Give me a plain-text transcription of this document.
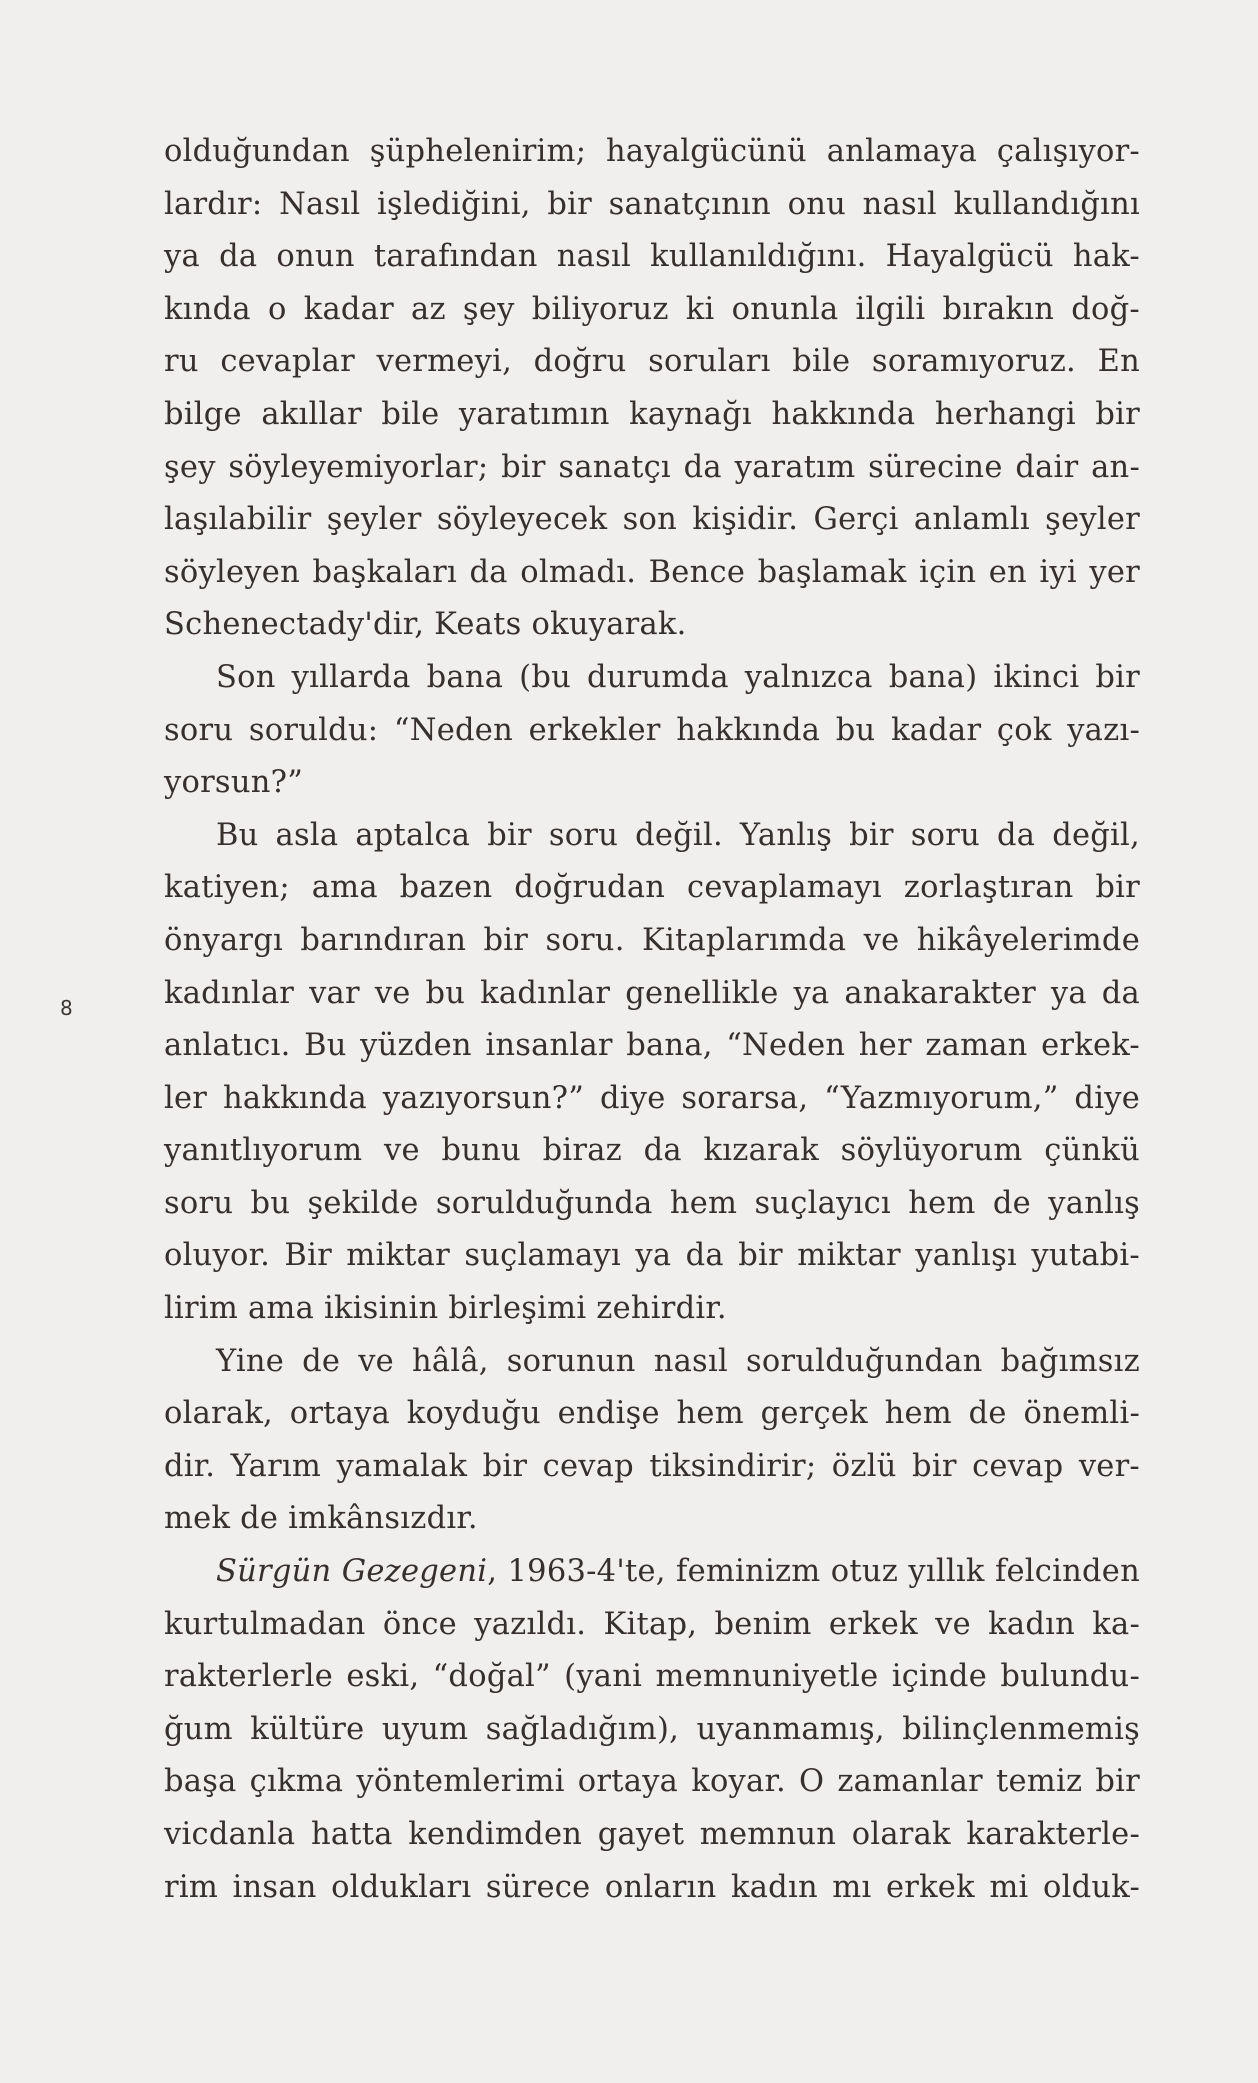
8
olduğundan şüphelenirim; hayalgücünü anlamaya çalışıyor-
lardır: Nasıl işlediğini, bir sanatçının onu nasıl kullandığını
ya da onun tarafından nasıl kullanıldığını. Hayalgücü hak-
kında o kadar az şey biliyoruz ki onunla ilgili bırakın doğ-
ru cevaplar vermeyi, doğru soruları bile soramıyoruz. En
bilge akıllar bile yaratımın kaynağı hakkında herhangi bir
şey söyleyemiyorlar; bir sanatçı da yaratım sürecine dair an-
laşılabilir şeyler söyleyecek son kişidir. Gerçi anlamlı şeyler
söyleyen başkaları da olmadı. Bence başlamak için en iyi yer
Schenectady'dir, Keats okuyarak.
Son yıllarda bana (bu durumda yalnızca bana) ikinci bir
soru soruldu: “Neden erkekler hakkında bu kadar çok yazı-
yorsun?”
Bu asla aptalca bir soru değil. Yanlış bir soru da değil,
katiyen; ama bazen doğrudan cevaplamayı zorlaştıran bir
önyargı barındıran bir soru. Kitaplarımda ve hikâyelerimde
kadınlar var ve bu kadınlar genellikle ya anakarakter ya da
anlatıcı. Bu yüzden insanlar bana, “Neden her zaman erkek-
ler hakkında yazıyorsun?” diye sorarsa, “Yazmıyorum,” diye
yanıtlıyorum ve bunu biraz da kızarak söylüyorum çünkü
soru bu şekilde sorulduğunda hem suçlayıcı hem de yanlış
oluyor. Bir miktar suçlamayı ya da bir miktar yanlışı yutabi-
lirim ama ikisinin birleşimi zehirdir.
Yine de ve hâlâ, sorunun nasıl sorulduğundan bağımsız
olarak, ortaya koyduğu endişe hem gerçek hem de önemli-
dir. Yarım yamalak bir cevap tiksindirir; özlü bir cevap ver-
mek de imkânsızdır.
Sürgün Gezegeni, 1963-4'te, feminizm otuz yıllık felcinden
kurtulmadan önce yazıldı. Kitap, benim erkek ve kadın ka-
rakterlerle eski, “doğal” (yani memnuniyetle içinde bulundu-
ğum kültüre uyum sağladığım), uyanmamış, bilinçlenmemiş
başa çıkma yöntemlerimi ortaya koyar. O zamanlar temiz bir
vicdanla hatta kendimden gayet memnun olarak karakterle-
rim insan oldukları sürece onların kadın mı erkek mi olduk-
